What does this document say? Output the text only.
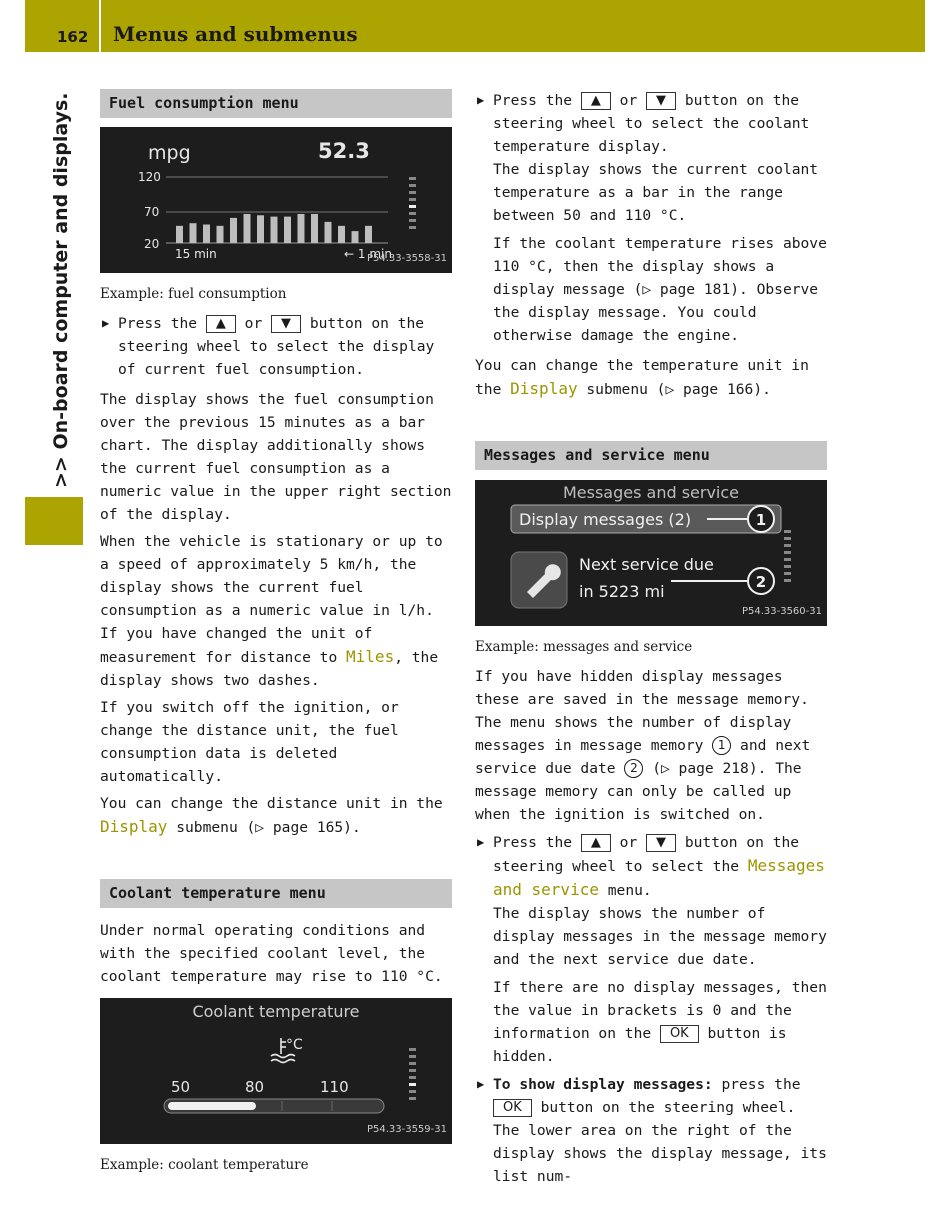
162	Menus and submenus
>> On-board computer and displays.	Fuel consumption menu
mpg	52.3
120
70
20
15 min	← 1 min
P54.33-3558-31
Example: fuel consumption
▶ Press the ▲ or ▼ button on the steering wheel to select the display of current fuel consumption.

The display shows the fuel consumption over the previous 15 minutes as a bar chart. The display additionally shows the current fuel consumption as a numeric value in the upper right section of the display.

When the vehicle is stationary or up to a speed of approximately 5 km/h, the display shows the current fuel consumption as a numeric value in l/h. If you have changed the unit of measurement for distance to Miles, the display shows two dashes.

If you switch off the ignition, or change the distance unit, the fuel consumption data is deleted automatically.

You can change the distance unit in the Display submenu (▷ page 165).

Coolant temperature menu

Under normal operating conditions and with the specified coolant level, the coolant temperature may rise to 110 °C.

Coolant temperature
°C
50	80	110
P54.33-3559-31
Example: coolant temperature
▶ Press the ▲ or ▼ button on the steering wheel to select the coolant temperature display.

The display shows the current coolant temperature as a bar in the range between 50 and 110 °C.

If the coolant temperature rises above 110 °C, then the display shows a display message (▷ page 181). Observe the display message. You could otherwise damage the engine.

You can change the temperature unit in the Display submenu (▷ page 166).

Messages and service menu
Messages and service
Display messages (2)	1
Next service due
in 5223 mi	2
P54.33-3560-31
Example: messages and service

If you have hidden display messages these are saved in the message memory. The menu shows the number of display messages in message memory 1 and next service due date 2 (▷ page 218). The message memory can only be called up when the ignition is switched on.

▶ Press the ▲ or ▼ button on the steering wheel to select the Messages and service menu.

The display shows the number of display messages in the message memory and the next service due date.

If there are no display messages, then the value in brackets is 0 and the information on the OK button is hidden.

▶ To show display messages: press the OK button on the steering wheel.

The lower area on the right of the display shows the display message, its list num-
